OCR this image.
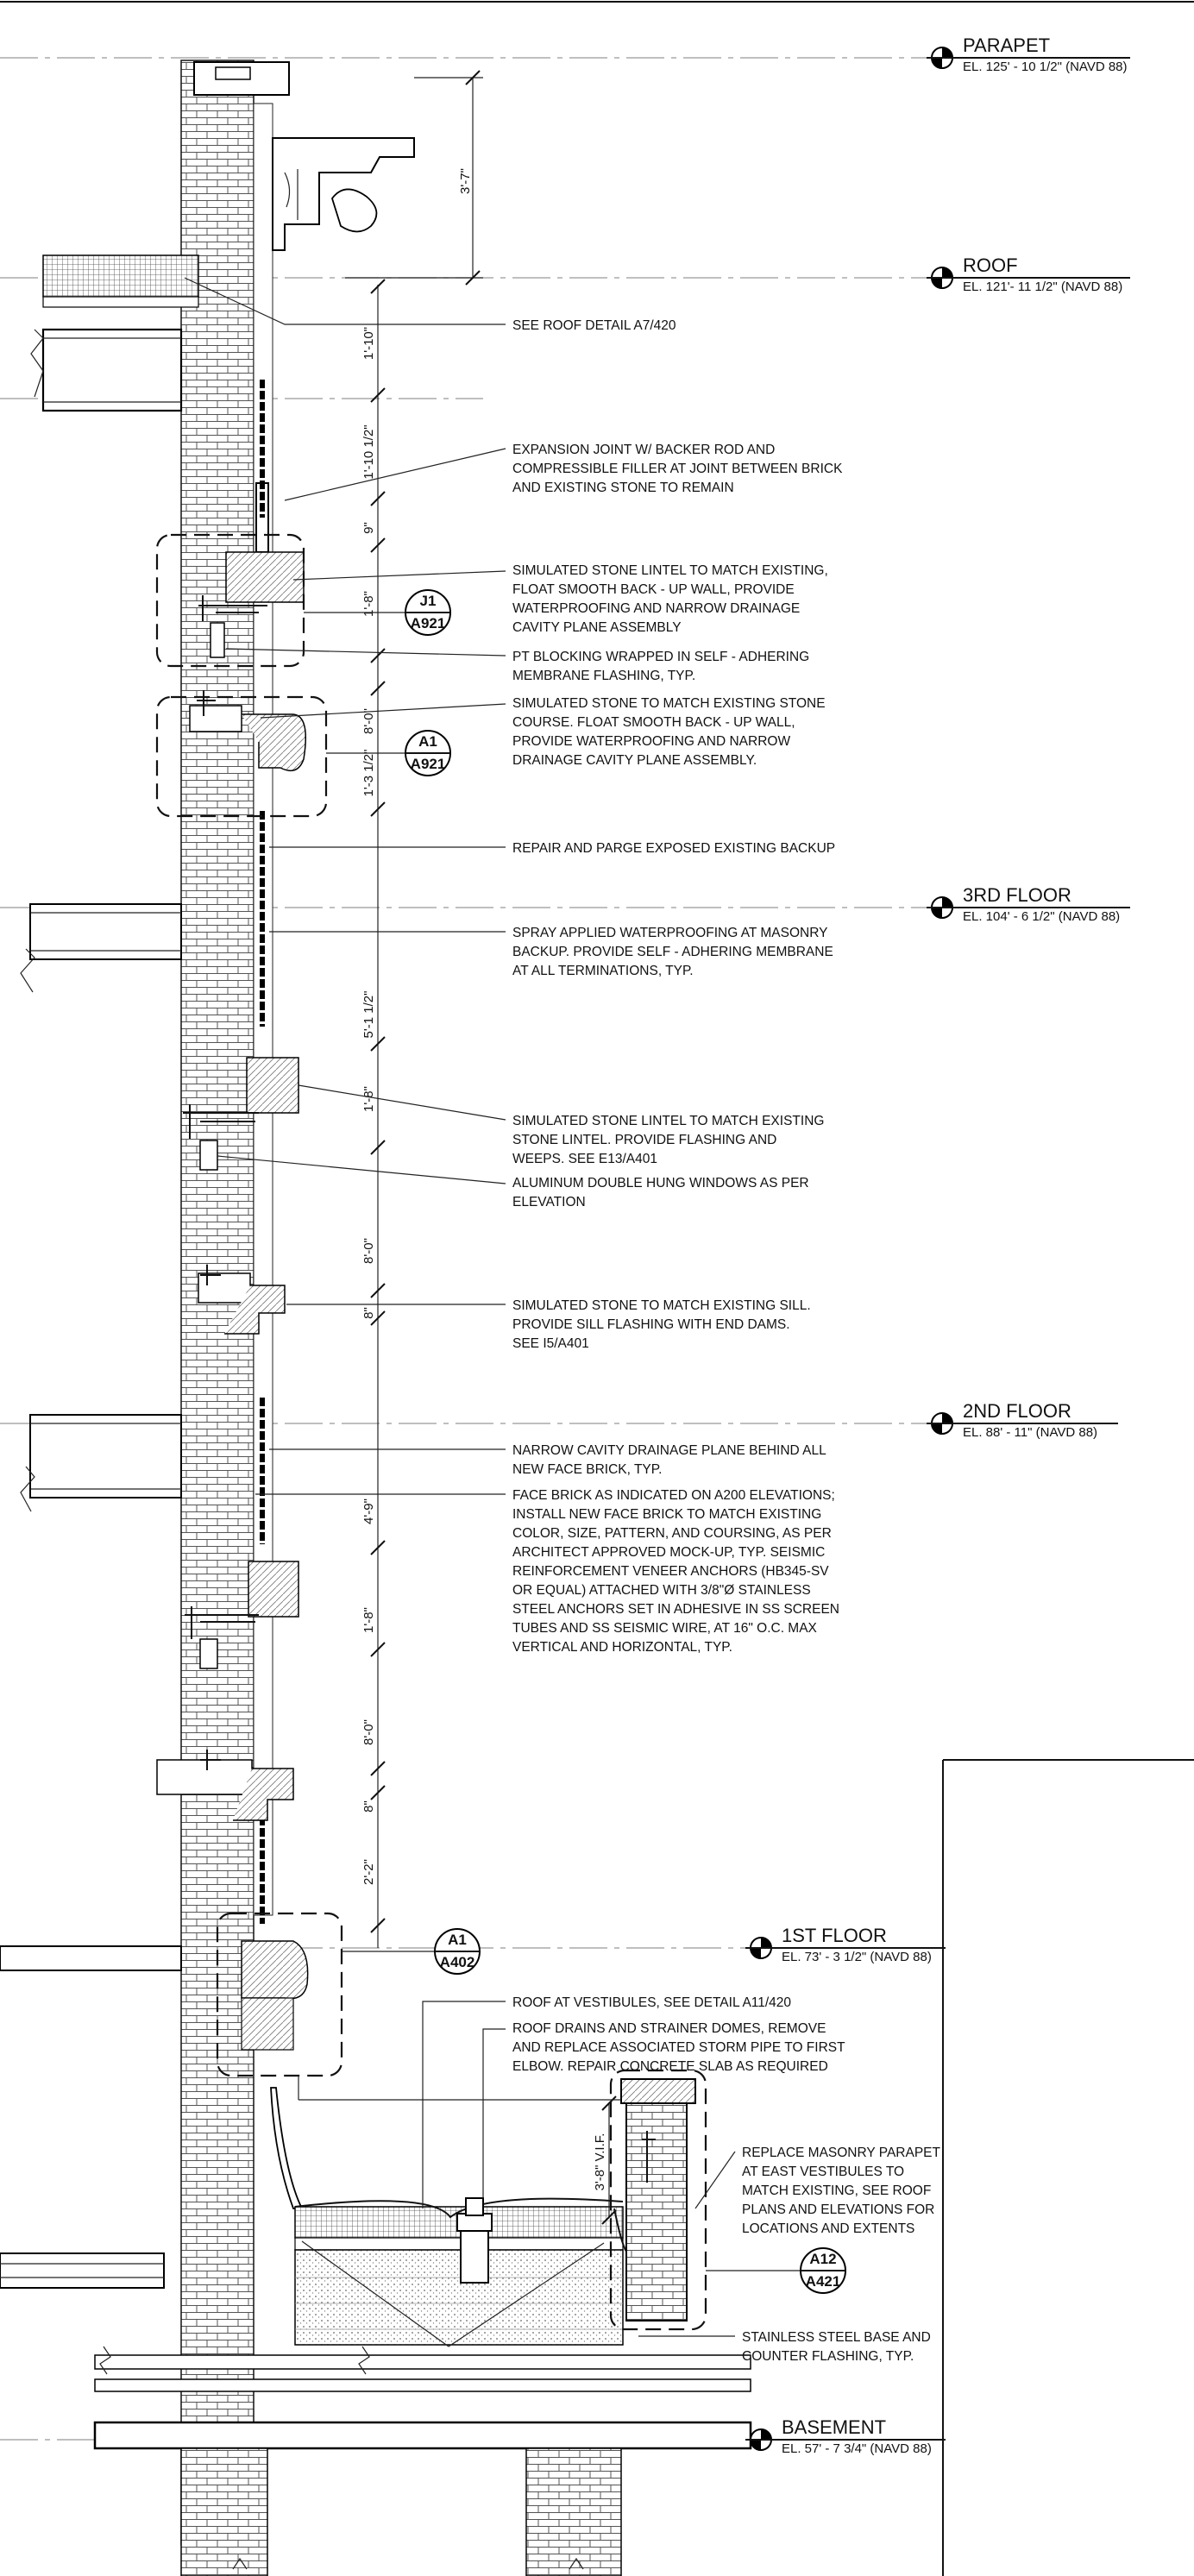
3'-7"
1'-10"
1'-10 1/2"
9"
1'-8"
8'-0"
1'-3 1/2"
5'-1 1/2"
1'-8"
8'-0"
8"
4'-9"
1'-8"
8'-0"
8"
2'-2"
3'-8" V.I.F.
PARAPET
EL. 125' - 10 1/2" (NAVD 88)
ROOF
EL. 121'- 11 1/2" (NAVD 88)
3RD FLOOR
EL. 104' - 6 1/2" (NAVD 88)
2ND FLOOR
EL. 88' - 11" (NAVD 88)
1ST FLOOR
EL. 73' - 3 1/2" (NAVD 88)
BASEMENT
EL. 57' - 7 3/4" (NAVD 88)
J1
A921
A1
A921
A1
A402
A12
A421
SEE ROOF DETAIL A7/420
EXPANSION JOINT W/ BACKER ROD AND COMPRESSIBLE FILLER AT JOINT BETWEEN BRICK AND EXISTING STONE TO REMAIN
SIMULATED STONE LINTEL TO MATCH EXISTING, FLOAT SMOOTH BACK - UP WALL, PROVIDE WATERPROOFING AND NARROW DRAINAGE CAVITY PLANE ASSEMBLY
PT BLOCKING WRAPPED IN SELF - ADHERING MEMBRANE FLASHING, TYP.
SIMULATED STONE TO MATCH EXISTING STONE COURSE. FLOAT SMOOTH BACK - UP WALL, PROVIDE WATERPROOFING AND NARROW DRAINAGE CAVITY PLANE ASSEMBLY.
REPAIR AND PARGE EXPOSED EXISTING BACKUP
SPRAY APPLIED WATERPROOFING AT MASONRY BACKUP. PROVIDE SELF - ADHERING MEMBRANE AT ALL TERMINATIONS, TYP.
SIMULATED STONE LINTEL TO MATCH EXISTING STONE LINTEL. PROVIDE FLASHING AND WEEPS. SEE E13/A401
ALUMINUM DOUBLE HUNG WINDOWS AS PER ELEVATION
SIMULATED STONE TO MATCH EXISTING SILL. PROVIDE SILL FLASHING WITH END DAMS. SEE I5/A401
NARROW CAVITY DRAINAGE PLANE BEHIND ALL NEW FACE BRICK, TYP.
FACE BRICK AS INDICATED ON A200 ELEVATIONS; INSTALL NEW FACE BRICK TO MATCH EXISTING COLOR, SIZE, PATTERN, AND COURSING, AS PER ARCHITECT APPROVED MOCK-UP, TYP. SEISMIC REINFORCEMENT VENEER ANCHORS (HB345-SV OR EQUAL) ATTACHED WITH 3/8"Ø STAINLESS STEEL ANCHORS SET IN ADHESIVE IN SS SCREEN TUBES AND SS SEISMIC WIRE, AT 16" O.C. MAX VERTICAL AND HORIZONTAL, TYP.
ROOF AT VESTIBULES, SEE DETAIL A11/420
ROOF DRAINS AND STRAINER DOMES, REMOVE AND REPLACE ASSOCIATED STORM PIPE TO FIRST ELBOW. REPAIR CONCRETE SLAB AS REQUIRED
REPLACE MASONRY PARAPET AT EAST VESTIBULES TO MATCH EXISTING, SEE ROOF PLANS AND ELEVATIONS FOR LOCATIONS AND EXTENTS
STAINLESS STEEL BASE AND COUNTER FLASHING, TYP.
